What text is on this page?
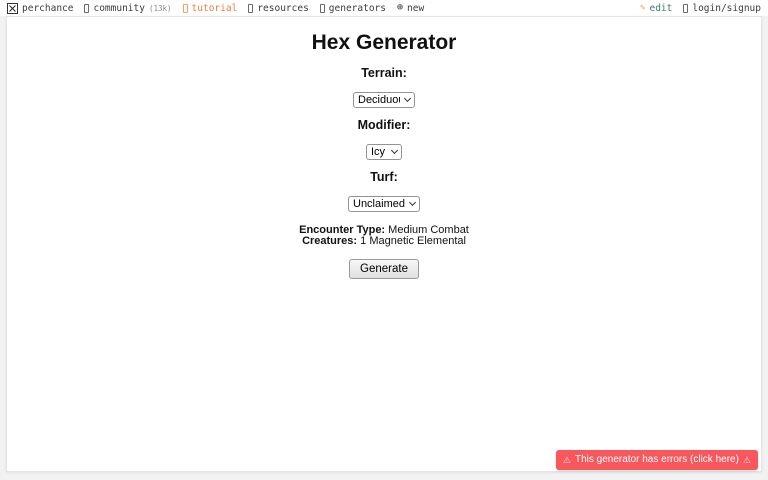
perchance community (13k) tutorial resources generators ⊕ new	✎ edit login/signup
Hex Generator
Terrain:
Deciduous
Modifier:
Icy
Turf:
Unclaimed
Encounter Type: Medium Combat
Creatures: 1 Magnetic Elemental
Generate
⚠ This generator has errors (click here) ⚠
